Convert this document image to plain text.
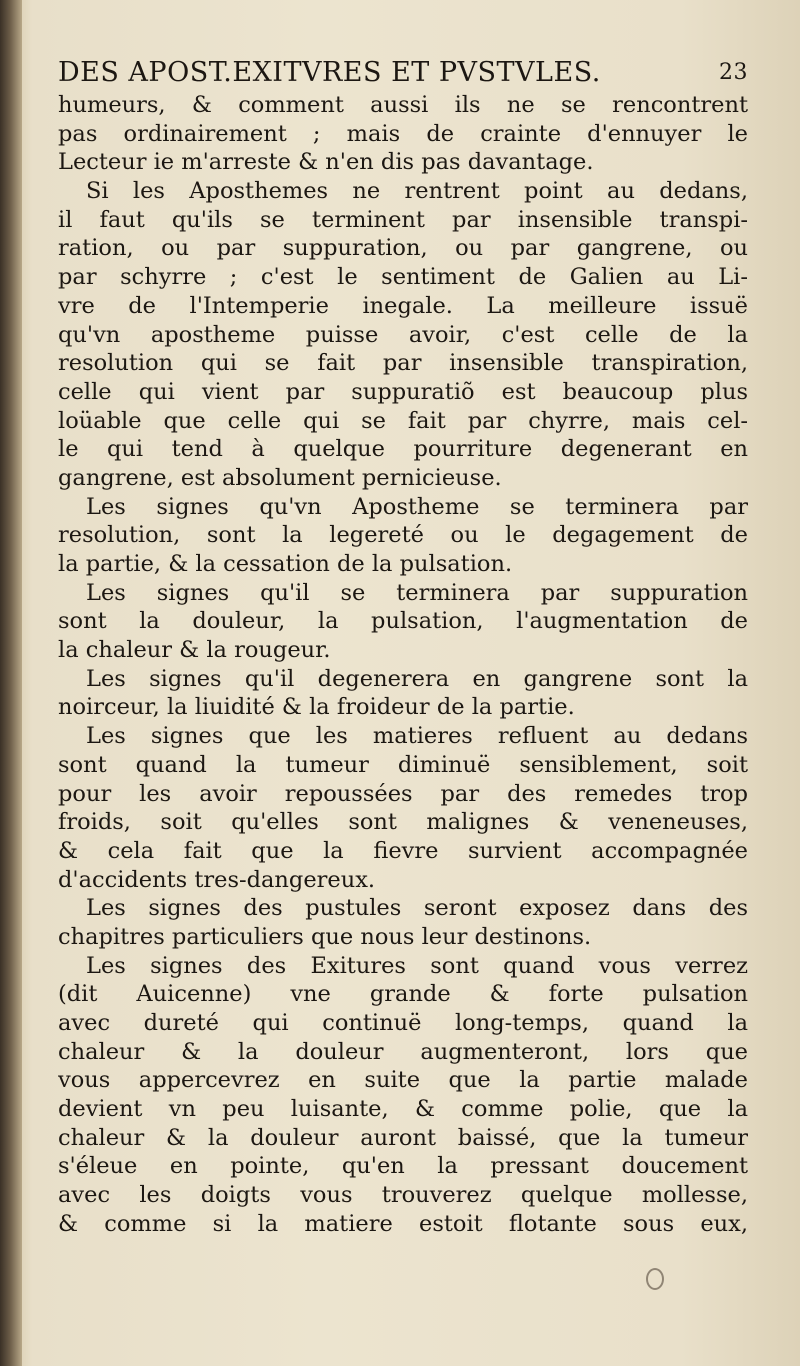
DES APOST.EXITVRES ET PVSTVLES.	23
humeurs, & comment aussi ils ne se rencontrent
pas ordinairement ; mais de crainte d'ennuyer le
Lecteur ie m'arreste & n'en dis pas davantage.
Si les Aposthemes ne rentrent point au dedans,
il faut qu'ils se terminent par insensible transpi-
ration, ou par suppuration, ou par gangrene, ou
par schyrre ; c'est le sentiment de Galien au Li-
vre de l'Intemperie inegale. La meilleure issuë
qu'vn apostheme puisse avoir, c'est celle de la
resolution qui se fait par insensible transpiration,
celle qui vient par suppuratiõ est beaucoup plus
loüable que celle qui se fait par chyrre, mais cel-
le qui tend à quelque pourriture degenerant en
gangrene, est absolument pernicieuse.
Les signes qu'vn Apostheme se terminera par
resolution, sont la legereté ou le degagement de
la partie, & la cessation de la pulsation.
Les signes qu'il se terminera par suppuration
sont la douleur, la pulsation, l'augmentation de
la chaleur & la rougeur.
Les signes qu'il degenerera en gangrene sont la
noirceur, la liuidité & la froideur de la partie.
Les signes que les matieres refluent au dedans
sont quand la tumeur diminuë sensiblement, soit
pour les avoir repoussées par des remedes trop
froids, soit qu'elles sont malignes & veneneuses,
& cela fait que la fievre survient accompagnée
d'accidents tres-dangereux.
Les signes des pustules seront exposez dans des
chapitres particuliers que nous leur destinons.
Les signes des Exitures sont quand vous verrez
(dit Auicenne) vne grande & forte pulsation
avec dureté qui continuë long-temps, quand la
chaleur & la douleur augmenteront, lors que
vous appercevrez en suite que la partie malade
devient vn peu luisante, & comme polie, que la
chaleur & la douleur auront baissé, que la tumeur
s'éleue en pointe, qu'en la pressant doucement
avec les doigts vous trouverez quelque mollesse,
& comme si la matiere estoit flotante sous eux,
